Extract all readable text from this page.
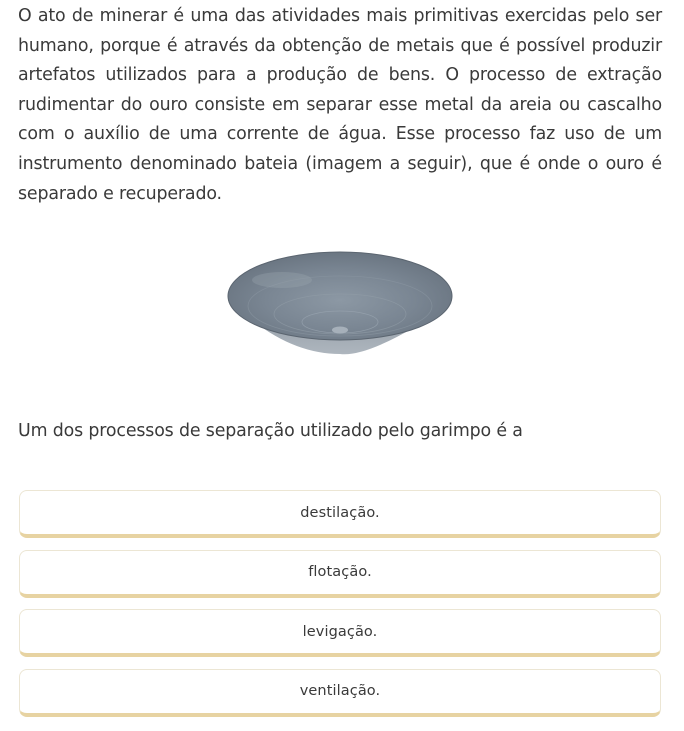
O ato de minerar é uma das atividades mais primitivas exercidas pelo ser humano, porque é através da obtenção de metais que é possível produzir artefatos utilizados para a produção de bens. O processo de extração rudimentar do ouro consiste em separar esse metal da areia ou cascalho com o auxílio de uma corrente de água. Esse processo faz uso de um instrumento denominado bateia (imagem a seguir), que é onde o ouro é separado e recuperado.

Um dos processos de separação utilizado pelo garimpo é a

destilação.
flotação.
levigação.
ventilação.
